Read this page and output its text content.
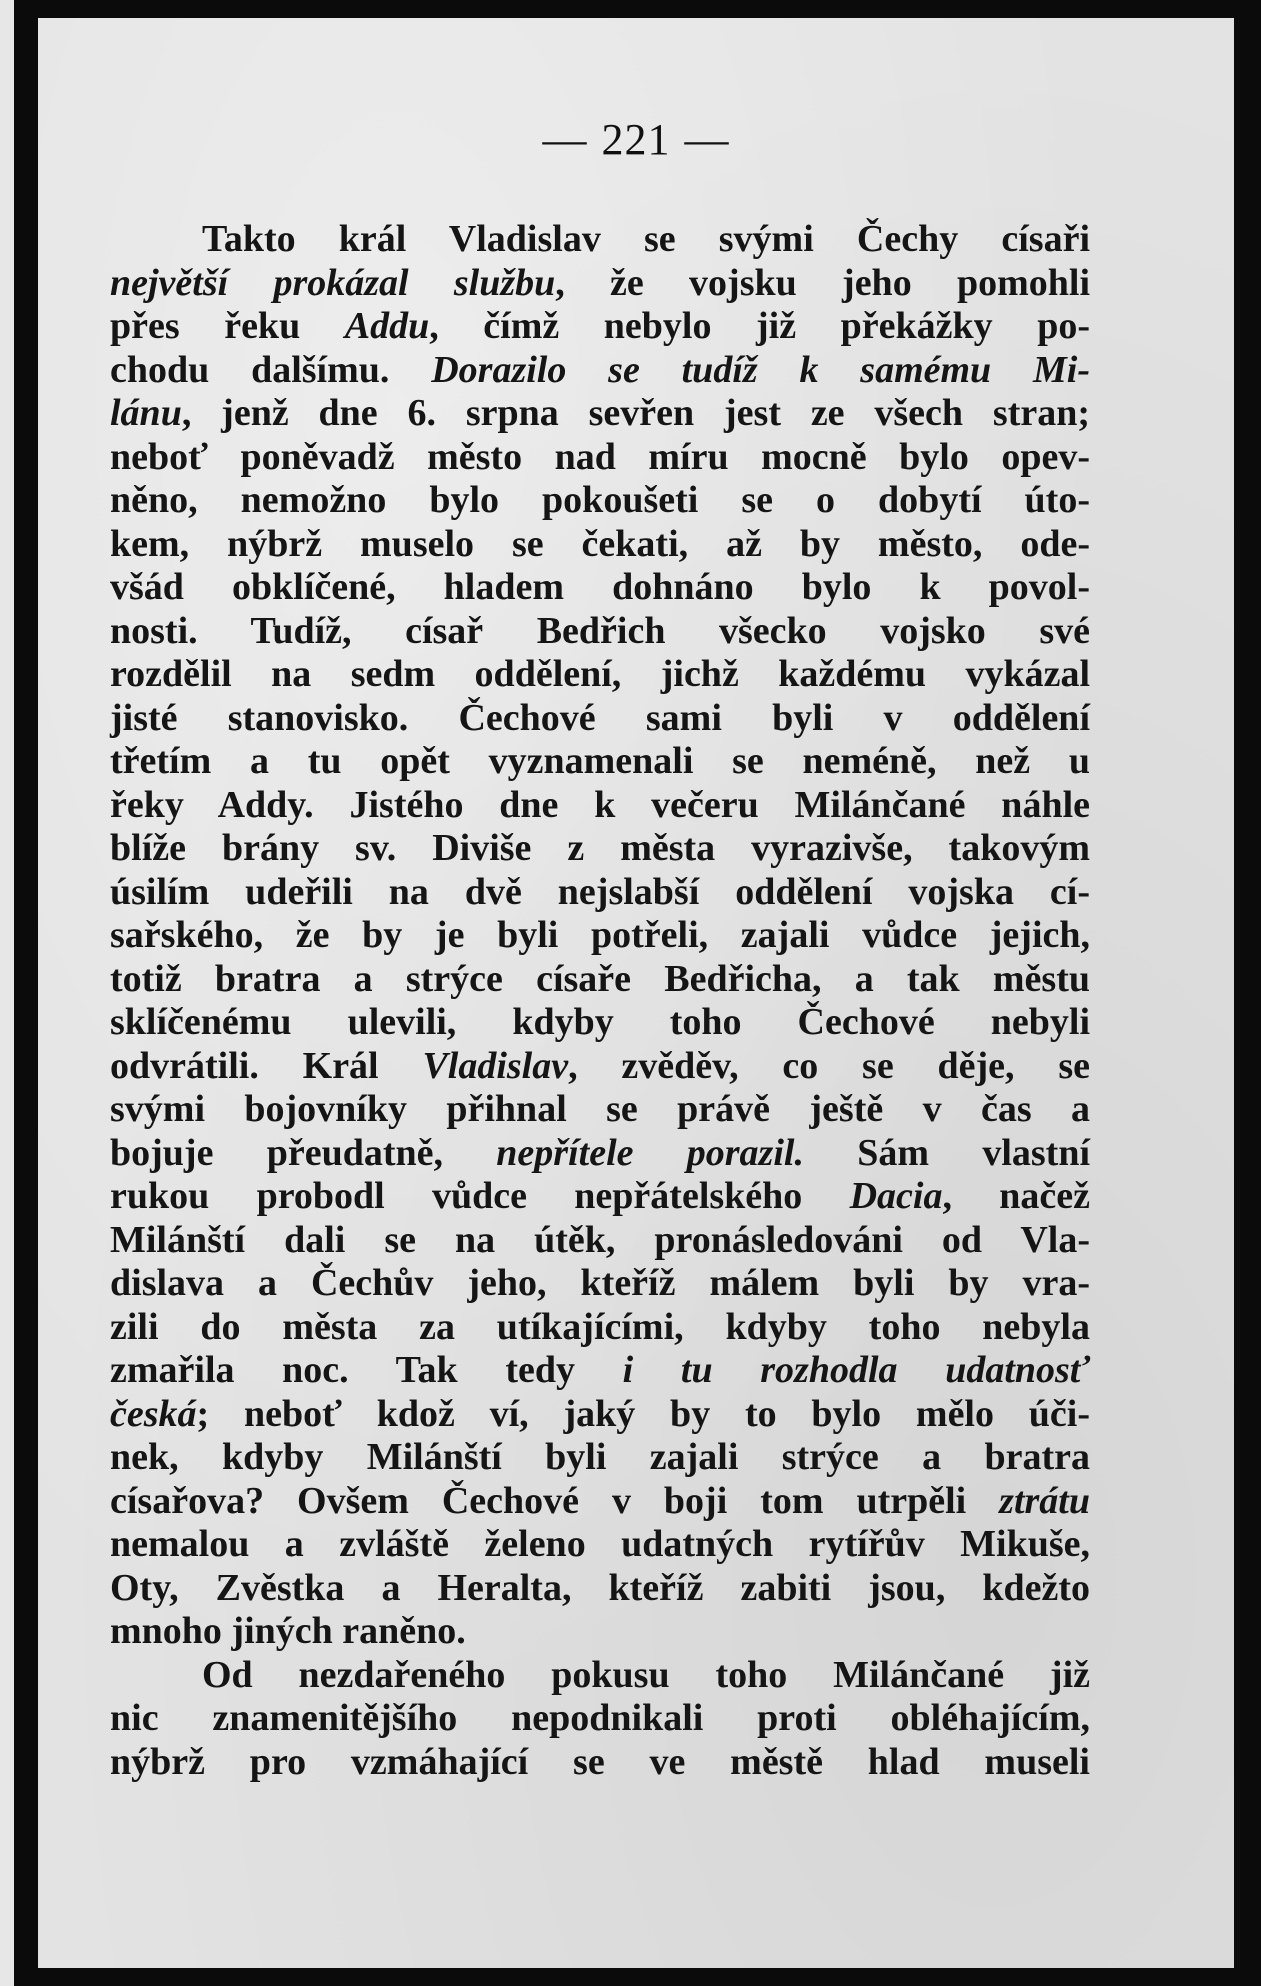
— 221 —
Takto král Vladislav se svými Čechy císaři
největší prokázal službu, že vojsku jeho pomohli
přes řeku Addu, čímž nebylo již překážky po-
chodu dalšímu. Dorazilo se tudíž k samému Mi-
lánu, jenž dne 6. srpna sevřen jest ze všech stran;
neboť poněvadž město nad míru mocně bylo opev-
něno, nemožno bylo pokoušeti se o dobytí úto-
kem, nýbrž muselo se čekati, až by město, ode-
všád obklíčené, hladem dohnáno bylo k povol-
nosti. Tudíž, císař Bedřich všecko vojsko své
rozdělil na sedm oddělení, jichž každému vykázal
jisté stanovisko. Čechové sami byli v oddělení
třetím a tu opět vyznamenali se neméně, než u
řeky Addy. Jistého dne k večeru Milánčané náhle
blíže brány sv. Diviše z města vyrazivše, takovým
úsilím udeřili na dvě nejslabší oddělení vojska cí-
sařského, že by je byli potřeli, zajali vůdce jejich,
totiž bratra a strýce císaře Bedřicha, a tak městu
sklíčenému ulevili, kdyby toho Čechové nebyli
odvrátili. Král Vladislav, zvěděv, co se děje, se
svými bojovníky přihnal se právě ještě v čas a
bojuje přeudatně, nepřítele porazil. Sám vlastní
rukou probodl vůdce nepřátelského Dacia, načež
Milánští dali se na útěk, pronásledováni od Vla-
dislava a Čechův jeho, kteříž málem byli by vra-
zili do města za utíkajícími, kdyby toho nebyla
zmařila noc. Tak tedy i tu rozhodla udatnosť
česká; neboť kdož ví, jaký by to bylo mělo úči-
nek, kdyby Milánští byli zajali strýce a bratra
císařova? Ovšem Čechové v boji tom utrpěli ztrátu
nemalou a zvláště želeno udatných rytířův Mikuše,
Oty, Zvěstka a Heralta, kteříž zabiti jsou, kdežto
mnoho jiných raněno.
Od nezdařeného pokusu toho Milánčané již
nic znamenitějšího nepodnikali proti obléhajícím,
nýbrž pro vzmáhající se ve městě hlad museli
